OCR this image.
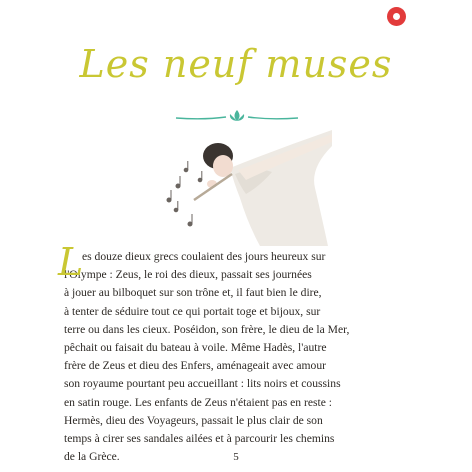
Les neuf muses
L

es douze dieux grecs coulaient des jours heureux sur

l'Olympe : Zeus, le roi des dieux, passait ses journées

à jouer au bilboquet sur son trône et, il faut bien le dire,

à tenter de séduire tout ce qui portait toge et bijoux, sur

terre ou dans les cieux. Poséidon, son frère, le dieu de la Mer,

pêchait ou faisait du bateau à voile. Même Hadès, l'autre

frère de Zeus et dieu des Enfers, aménageait avec amour

son royaume pourtant peu accueillant : lits noirs et coussins

en satin rouge. Les enfants de Zeus n'étaient pas en reste :

Hermès, dieu des Voyageurs, passait le plus clair de son

temps à cirer ses sandales ailées et à parcourir les chemins

de la Grèce.	5
